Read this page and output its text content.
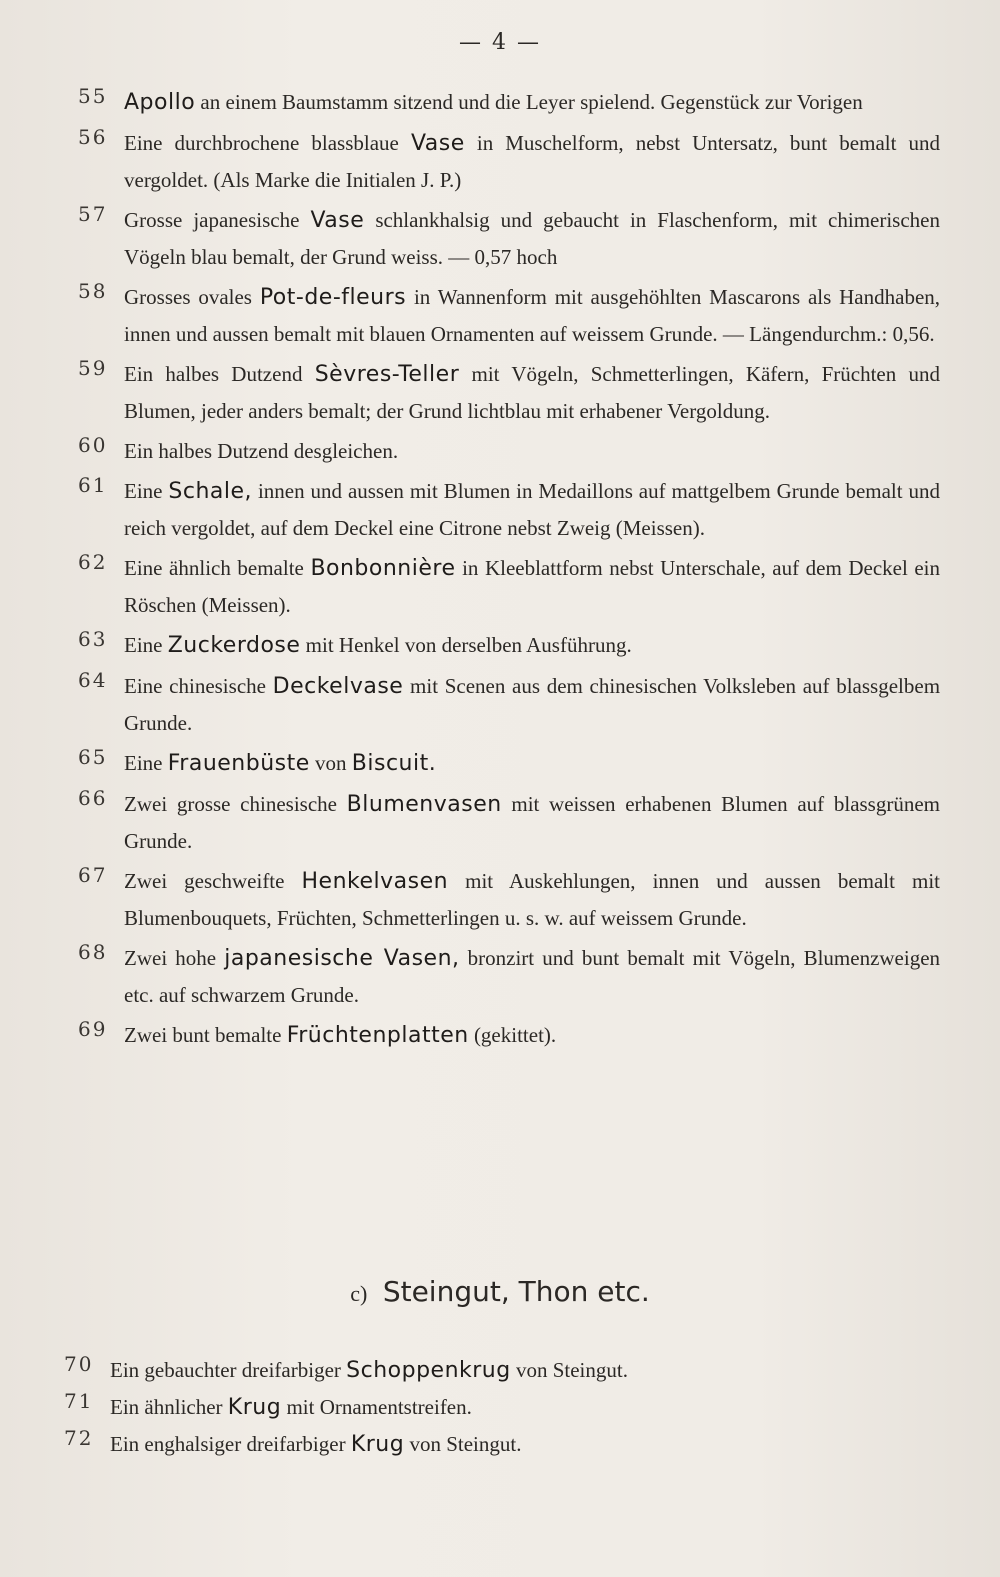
— 4 —
55 Apollo an einem Baumstamm sitzend und die Leyer spielend. Gegenstück zur Vorigen
56 Eine durchbrochene blassblaue Vase in Muschelform, nebst Untersatz, bunt bemalt und vergoldet. (Als Marke die Initialen J. P.)
57 Grosse japanesische Vase schlankhalsig und gebaucht in Flaschenform, mit chimerischen Vögeln blau bemalt, der Grund weiss. — 0,57 hoch
58 Grosses ovales Pot-de-fleurs in Wannenform mit ausgehöhlten Mascarons als Handhaben, innen und aussen bemalt mit blauen Ornamenten auf weissem Grunde. — Längendurchm.: 0,56.
59 Ein halbes Dutzend Sèvres-Teller mit Vögeln, Schmetterlingen, Käfern, Früchten und Blumen, jeder anders bemalt; der Grund lichtblau mit erhabener Vergoldung.
60 Ein halbes Dutzend desgleichen.
61 Eine Schale, innen und aussen mit Blumen in Medaillons auf mattgelbem Grunde bemalt und reich vergoldet, auf dem Deckel eine Citrone nebst Zweig (Meissen).
62 Eine ähnlich bemalte Bonbonnière in Kleeblattform nebst Unterschale, auf dem Deckel ein Röschen (Meissen).
63 Eine Zuckerdose mit Henkel von derselben Ausführung.
64 Eine chinesische Deckelvase mit Scenen aus dem chinesischen Volksleben auf blassgelbem Grunde.
65 Eine Frauenbüste von Biscuit.
66 Zwei grosse chinesische Blumenvasen mit weissen erhabenen Blumen auf blassgrünem Grunde.
67 Zwei geschweifte Henkelvasen mit Auskehlungen, innen und aussen bemalt mit Blumenbouquets, Früchten, Schmetterlingen u. s. w. auf weissem Grunde.
68 Zwei hohe japanesische Vasen, bronzirt und bunt bemalt mit Vögeln, Blumenzweigen etc. auf schwarzem Grunde.
69 Zwei bunt bemalte Früchtenplatten (gekittet).
c) Steingut, Thon etc.
70 Ein gebauchter dreifarbiger Schoppenkrug von Steingut.
71 Ein ähnlicher Krug mit Ornamentstreifen.
72 Ein enghalsiger dreifarbiger Krug von Steingut.
